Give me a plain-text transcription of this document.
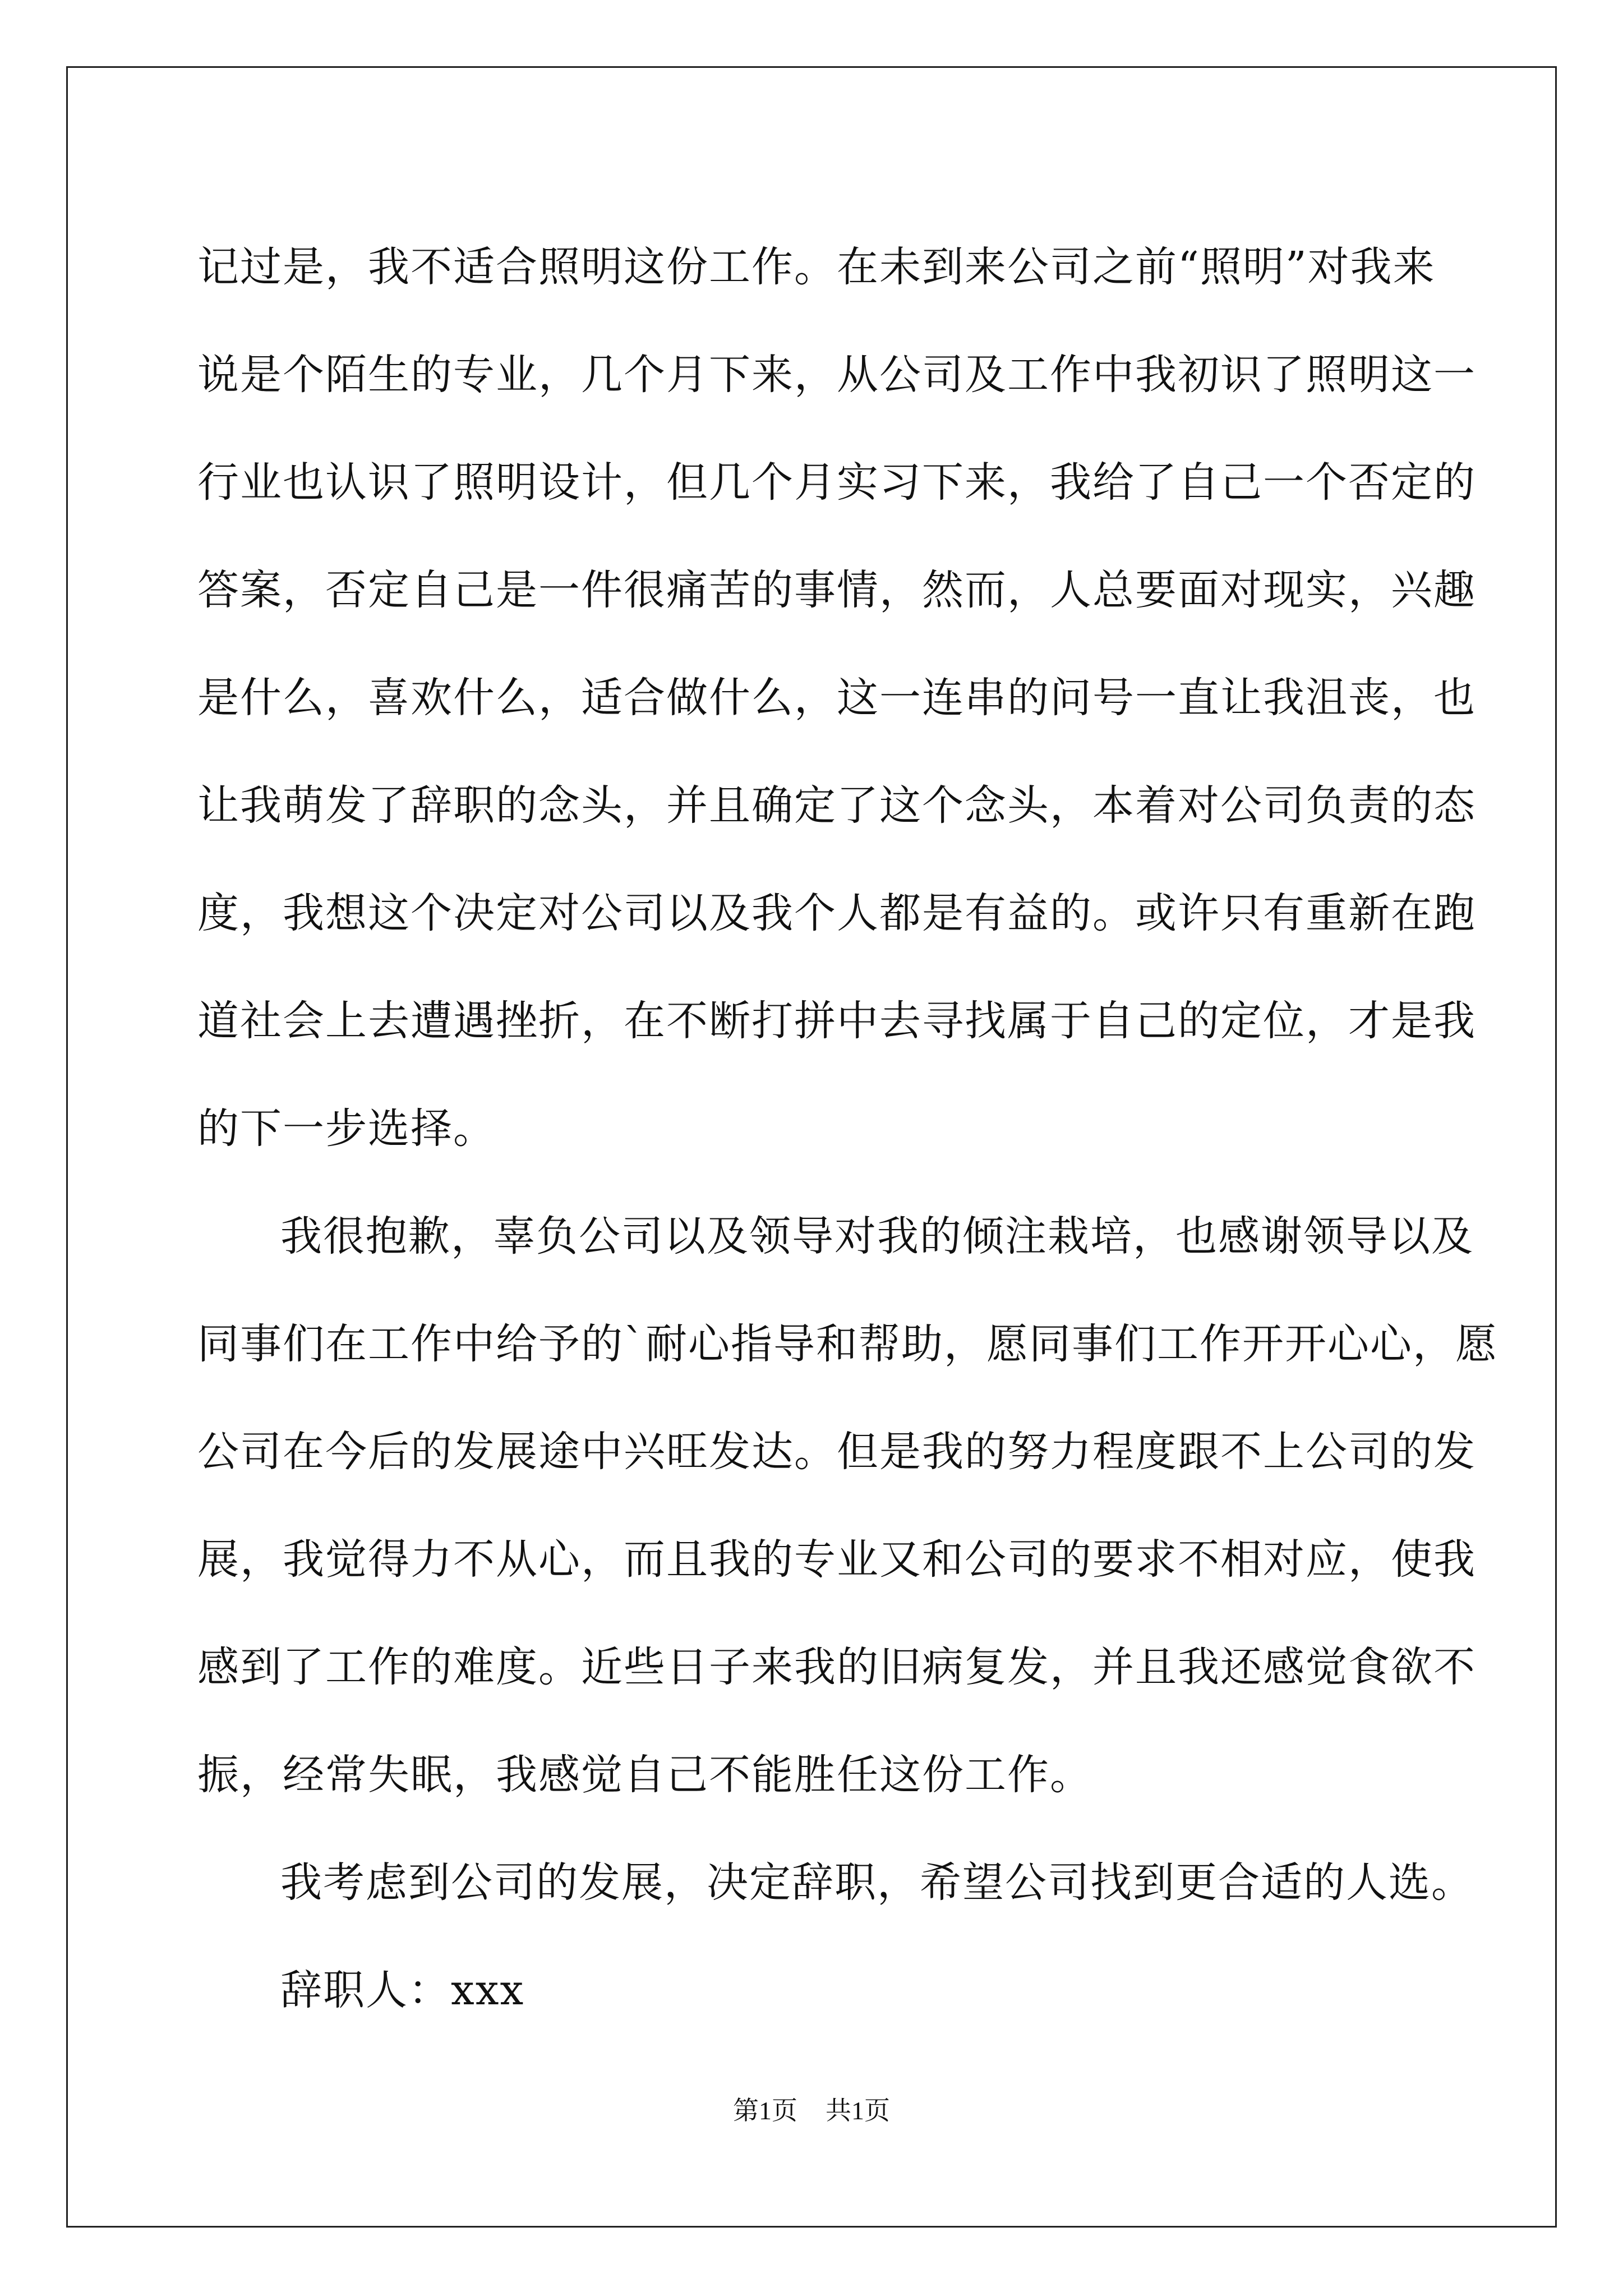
记过是，我不适合照明这份工作。在未到来公司之前“照明”对我来
说是个陌生的专业，几个月下来，从公司及工作中我初识了照明这一
行业也认识了照明设计，但几个月实习下来，我给了自己一个否定的
答案，否定自己是一件很痛苦的事情，然而，人总要面对现实，兴趣
是什么，喜欢什么，适合做什么，这一连串的问号一直让我沮丧，也
让我萌发了辞职的念头，并且确定了这个念头，本着对公司负责的态
度，我想这个决定对公司以及我个人都是有益的。或许只有重新在跑
道社会上去遭遇挫折，在不断打拼中去寻找属于自己的定位，才是我
的下一步选择。

我很抱歉，辜负公司以及领导对我的倾注栽培，也感谢领导以及
同事们在工作中给予的`耐心指导和帮助，愿同事们工作开开心心，愿
公司在今后的发展途中兴旺发达。但是我的努力程度跟不上公司的发
展，我觉得力不从心，而且我的专业又和公司的要求不相对应，使我
感到了工作的难度。近些日子来我的旧病复发，并且我还感觉食欲不
振，经常失眠，我感觉自己不能胜任这份工作。

我考虑到公司的发展，决定辞职，希望公司找到更合适的人选。

辞职人：xxx

第1页 共1页
